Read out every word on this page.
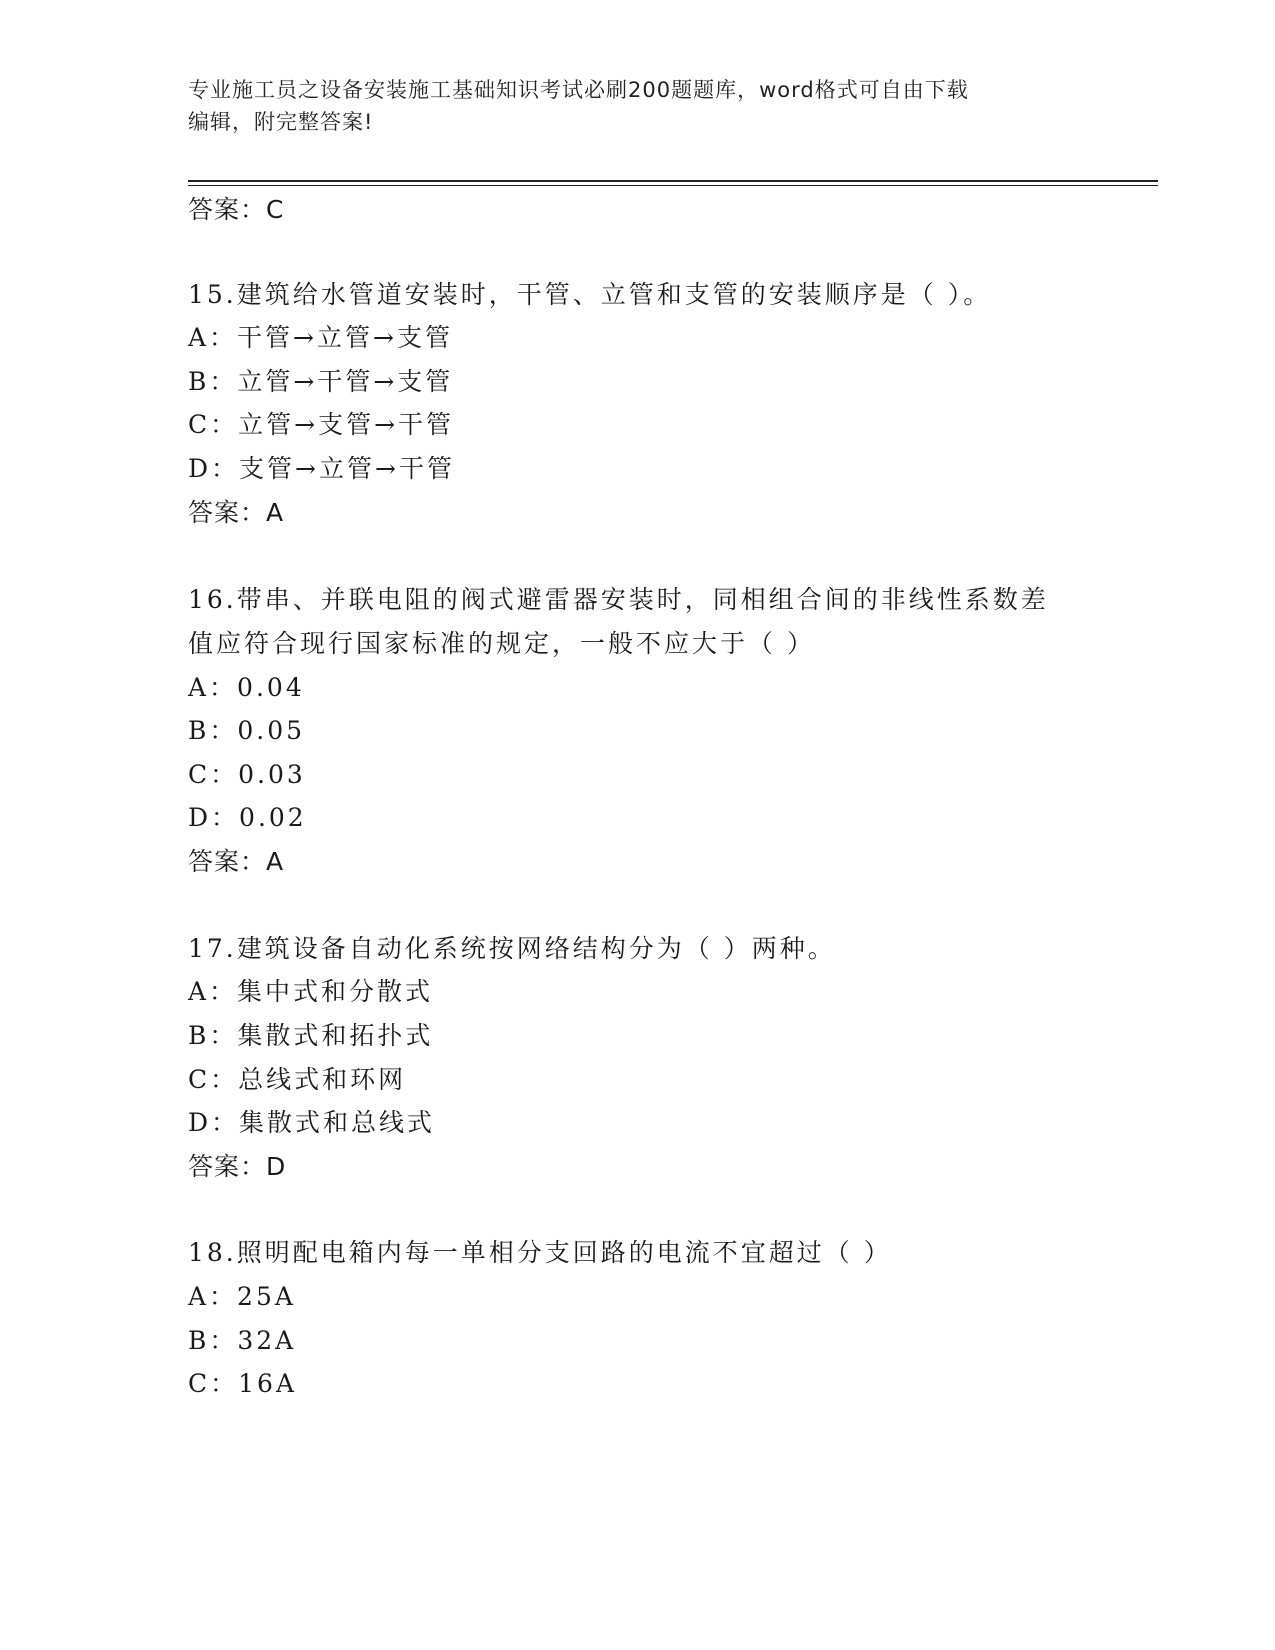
专业施工员之设备安装施工基础知识考试必刷200题题库，word格式可自由下载
编辑，附完整答案!
答案：C
15.建筑给水管道安装时，干管、立管和支管的安装顺序是（ ）。
A：干管→立管→支管
B：立管→干管→支管
C：立管→支管→干管
D：支管→立管→干管
答案：A
16.带串、并联电阻的阀式避雷器安装时，同相组合间的非线性系数差
值应符合现行国家标准的规定，一般不应大于（ ）
A：0.04
B：0.05
C：0.03
D：0.02
答案：A
17.建筑设备自动化系统按网络结构分为（ ）两种。
A：集中式和分散式
B：集散式和拓扑式
C：总线式和环网
D：集散式和总线式
答案：D
18.照明配电箱内每一单相分支回路的电流不宜超过（ ）
A：25A
B：32A
C：16A
